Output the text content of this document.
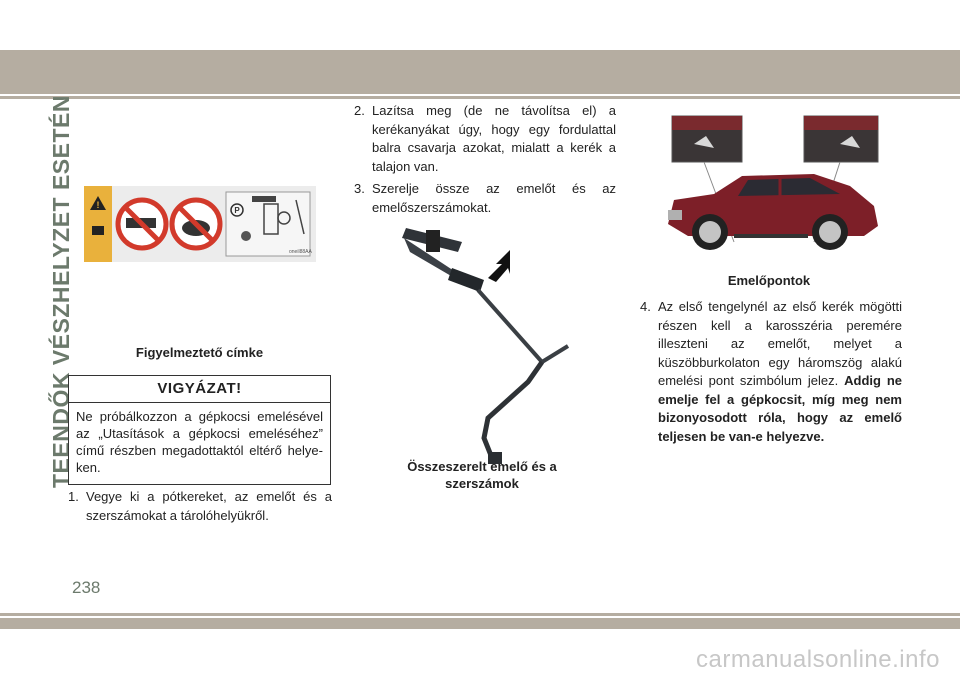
TEENDŐK VÉSZHELYZET ESETÉN	!
P
oneil88AA
Figyelmeztető címke
VIGYÁZAT!
Ne próbálkozzon a gépkocsi emelésével az „Utasítások a gépkocsi emeléséhez” című részben megadottaktól eltérő helyeken.
1. Vegye ki a pótkereket, az emelőt és a szerszámokat a tárolóhelyükről.
2. Lazítsa meg (de ne távolítsa el) a kerékanyákat úgy, hogy egy fordulattal balra csavarja azokat, mialatt a kerék a talajon van.
3. Szerelje össze az emelőt és az emelőszerszámokat.
Összeszerelt emelő és a
szerszámok
Emelőpontok
4. Az első tengelynél az első kerék mögötti részen kell a karosszéria peremére illeszteni az emelőt, melyet a küszöbburkolaton egy háromszög alakú emelési pont szimbólum jelez. Addig ne emelje fel a gépkocsit, míg meg nem bizonyosodott róla, hogy az emelő teljesen be van-e helyezve.
238
carmanualsonline.info
